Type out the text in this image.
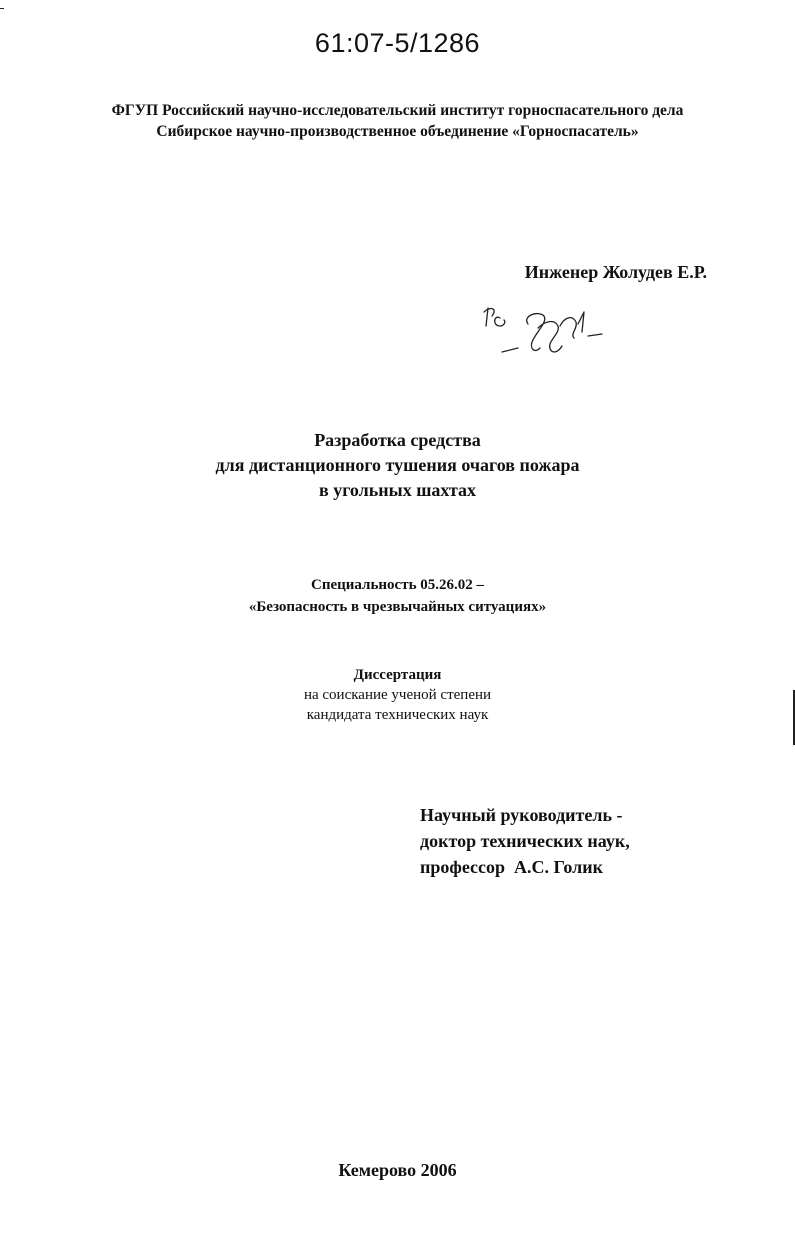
61:07-5/1286
ФГУП Российский научно-исследовательский институт горноспасательного дела
Сибирское научно-производственное объединение «Горноспасатель»
Инженер Жолудев Е.Р.
Разработка средства
для дистанционного тушения очагов пожара
в угольных шахтах
Специальность 05.26.02 –
«Безопасность в чрезвычайных ситуациях»
Диссертация
на соискание ученой степени
кандидата технических наук
Научный руководитель -
доктор технических наук,
профессор  А.С. Голик
Кемерово 2006
